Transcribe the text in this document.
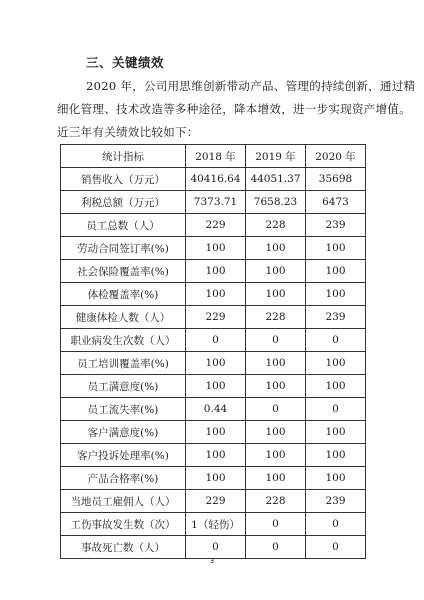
三、关键绩效
2020 年，公司用思维创新带动产品、管理的持续创新，通过精
细化管理、技术改造等多种途径，降本增效，进一步实现资产增值。
近三年有关绩效比较如下：
统计指标	2018 年	2019 年	2020 年
销售收入（万元）	40416.64	44051.37	35698
利税总额（万元）	7373.71	7658.23	6473
员工总数（人）	229	228	239
劳动合同签订率(%)	100	100	100
社会保险覆盖率(%)	100	100	100
体检覆盖率(%)	100	100	100
健康体检人数（人）	229	228	239
职业病发生次数（人）	0	0	0
员工培训覆盖率(%)	100	100	100
员工满意度(%)	100	100	100
员工流失率(%)	0.44	0	0
客户满意度(%)	100	100	100
客户投诉处理率(%)	100	100	100
产品合格率(%)	100	100	100
当地员工雇佣人（人）	229	228	239
工伤事故发生数（次）	1（轻伤）	0	0
事故死亡数（人）	0	0	0
3
